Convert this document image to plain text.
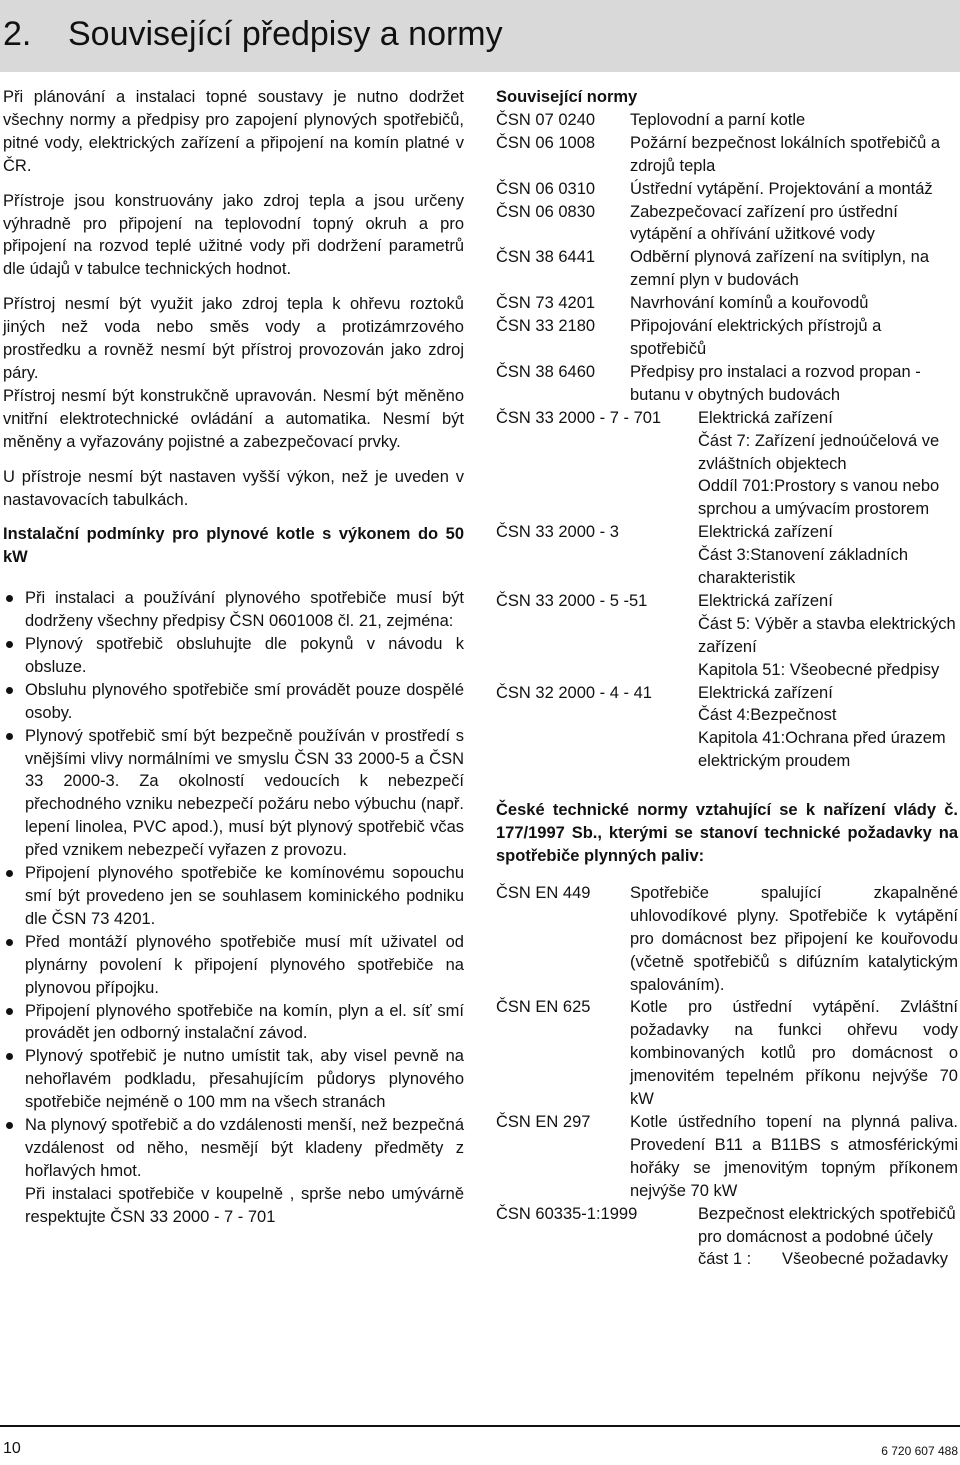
2. Související předpisy a normy

Při plánování a instalaci topné soustavy je nutno dodržet všechny normy a předpisy pro zapojení plynových spotřebičů, pitné vody, elektrických zařízení a připojení na komín platné v ČR.

Přístroje jsou konstruovány jako zdroj tepla a jsou určeny výhradně pro připojení na teplovodní topný okruh a pro připojení na rozvod teplé užitné vody při dodržení parametrů dle údajů v tabulce technických hodnot.

Přístroj nesmí být využit jako zdroj tepla k ohřevu roztoků jiných než voda nebo směs vody a protizámrzového prostředku a rovněž nesmí být přístroj provozován jako zdroj páry.

Přístroj nesmí být konstrukčně upravován. Nesmí být měněno vnitřní elektrotechnické ovládání a automatika. Nesmí být měněny a vyřazovány pojistné a zabezpečovací prvky.

U přístroje nesmí být nastaven vyšší výkon, než je uveden v nastavovacích tabulkách.

Instalační podmínky pro plynové kotle s výkonem do 50 kW

Při instalaci a používání plynového spotřebiče musí být dodrženy všechny předpisy ČSN 0601008 čl. 21, zejména:

Plynový spotřebič obsluhujte dle pokynů v návodu k obsluze.

Obsluhu plynového spotřebiče smí provádět pouze dospělé osoby.

Plynový spotřebič smí být bezpečně používán v prostředí s vnějšími vlivy normálními ve smyslu ČSN 33 2000-5 a ČSN 33 2000-3. Za okolností vedoucích k nebezpečí přechodného vzniku nebezpečí požáru nebo výbuchu (např. lepení linolea, PVC apod.), musí být plynový spotřebič včas před vznikem nebezpečí vyřazen z provozu.

Připojení plynového spotřebiče ke komínovému sopouchu smí být provedeno jen se souhlasem kominického podniku dle ČSN 73 4201.

Před montáží plynového spotřebiče musí mít uživatel od plynárny povolení k připojení plynového spotřebiče na plynovou přípojku.

Připojení plynového spotřebiče na komín, plyn a el. síť smí provádět jen odborný instalační závod.

Plynový spotřebič je nutno umístit tak, aby visel pevně na nehořlavém podkladu, přesahujícím půdorys plynového spotřebiče nejméně o 100 mm na všech stranách

Na plynový spotřebič a do vzdálenosti menší, než bezpečná vzdálenost od něho, nesmějí být kladeny předměty z hořlavých hmot.

Při instalaci spotřebiče v koupelně , sprše nebo umývárně respektujte ČSN 33 2000 - 7 - 701

Související normy

ČSN 07 0240 Teplovodní a parní kotle
ČSN 06 1008 Požární bezpečnost lokálních spotřebičů a zdrojů tepla
ČSN 06 0310 Ústřední vytápění. Projektování a montáž
ČSN 06 0830 Zabezpečovací zařízení pro ústřední vytápění a ohřívání užitkové vody
ČSN 38 6441 Odběrní plynová zařízení na svítiplyn, na zemní plyn v budovách
ČSN 73 4201 Navrhování komínů a kouřovodů
ČSN 33 2180 Připojování elektrických přístrojů a spotřebičů
ČSN 38 6460 Předpisy pro instalaci a rozvod propan - butanu v obytných budovách
ČSN 33 2000 - 7 - 701 Elektrická zařízení
Část 7: Zařízení jednoúčelová ve zvláštních objektech
Oddíl 701:Prostory s vanou nebo sprchou a umývacím prostorem
ČSN 33 2000 - 3	Elektrická zařízení
Část 3:Stanovení základních charakteristik
ČSN 33 2000 - 5 -51	Elektrická zařízení
Část 5: Výběr a stavba elektrických zařízení
Kapitola 51: Všeobecné předpisy
ČSN 32 2000 - 4 - 41	Elektrická zařízení
Část 4:Bezpečnost
Kapitola 41:Ochrana před úrazem elektrickým proudem

České technické normy vztahující se k nařízení vlády č. 177/1997 Sb., kterými se stanoví technické požadavky na spotřebiče plynných paliv:

ČSN EN 449 Spotřebiče spalující zkapalněné uhlovodíkové plyny. Spotřebiče k vytápění pro domácnost bez připojení ke kouřovodu (včetně spotřebičů s difúzním katalytickým spalováním).
ČSN EN 625 Kotle pro ústřední vytápění. Zvláštní požadavky na funkci ohřevu vody kombinovaných kotlů pro domácnost o jmenovitém tepelném příkonu nejvýše 70 kW
ČSN EN 297 Kotle ústředního topení na plynná paliva. Provedení B11 a B11BS s atmosférickými hořáky se jmenovitým topným příkonem nejvýše 70 kW
ČSN 60335-1:1999	Bezpečnost elektrických spotřebičů pro domácnost a podobné účely
část 1 :	Všeobecné požadavky
10	6 720 607 488
